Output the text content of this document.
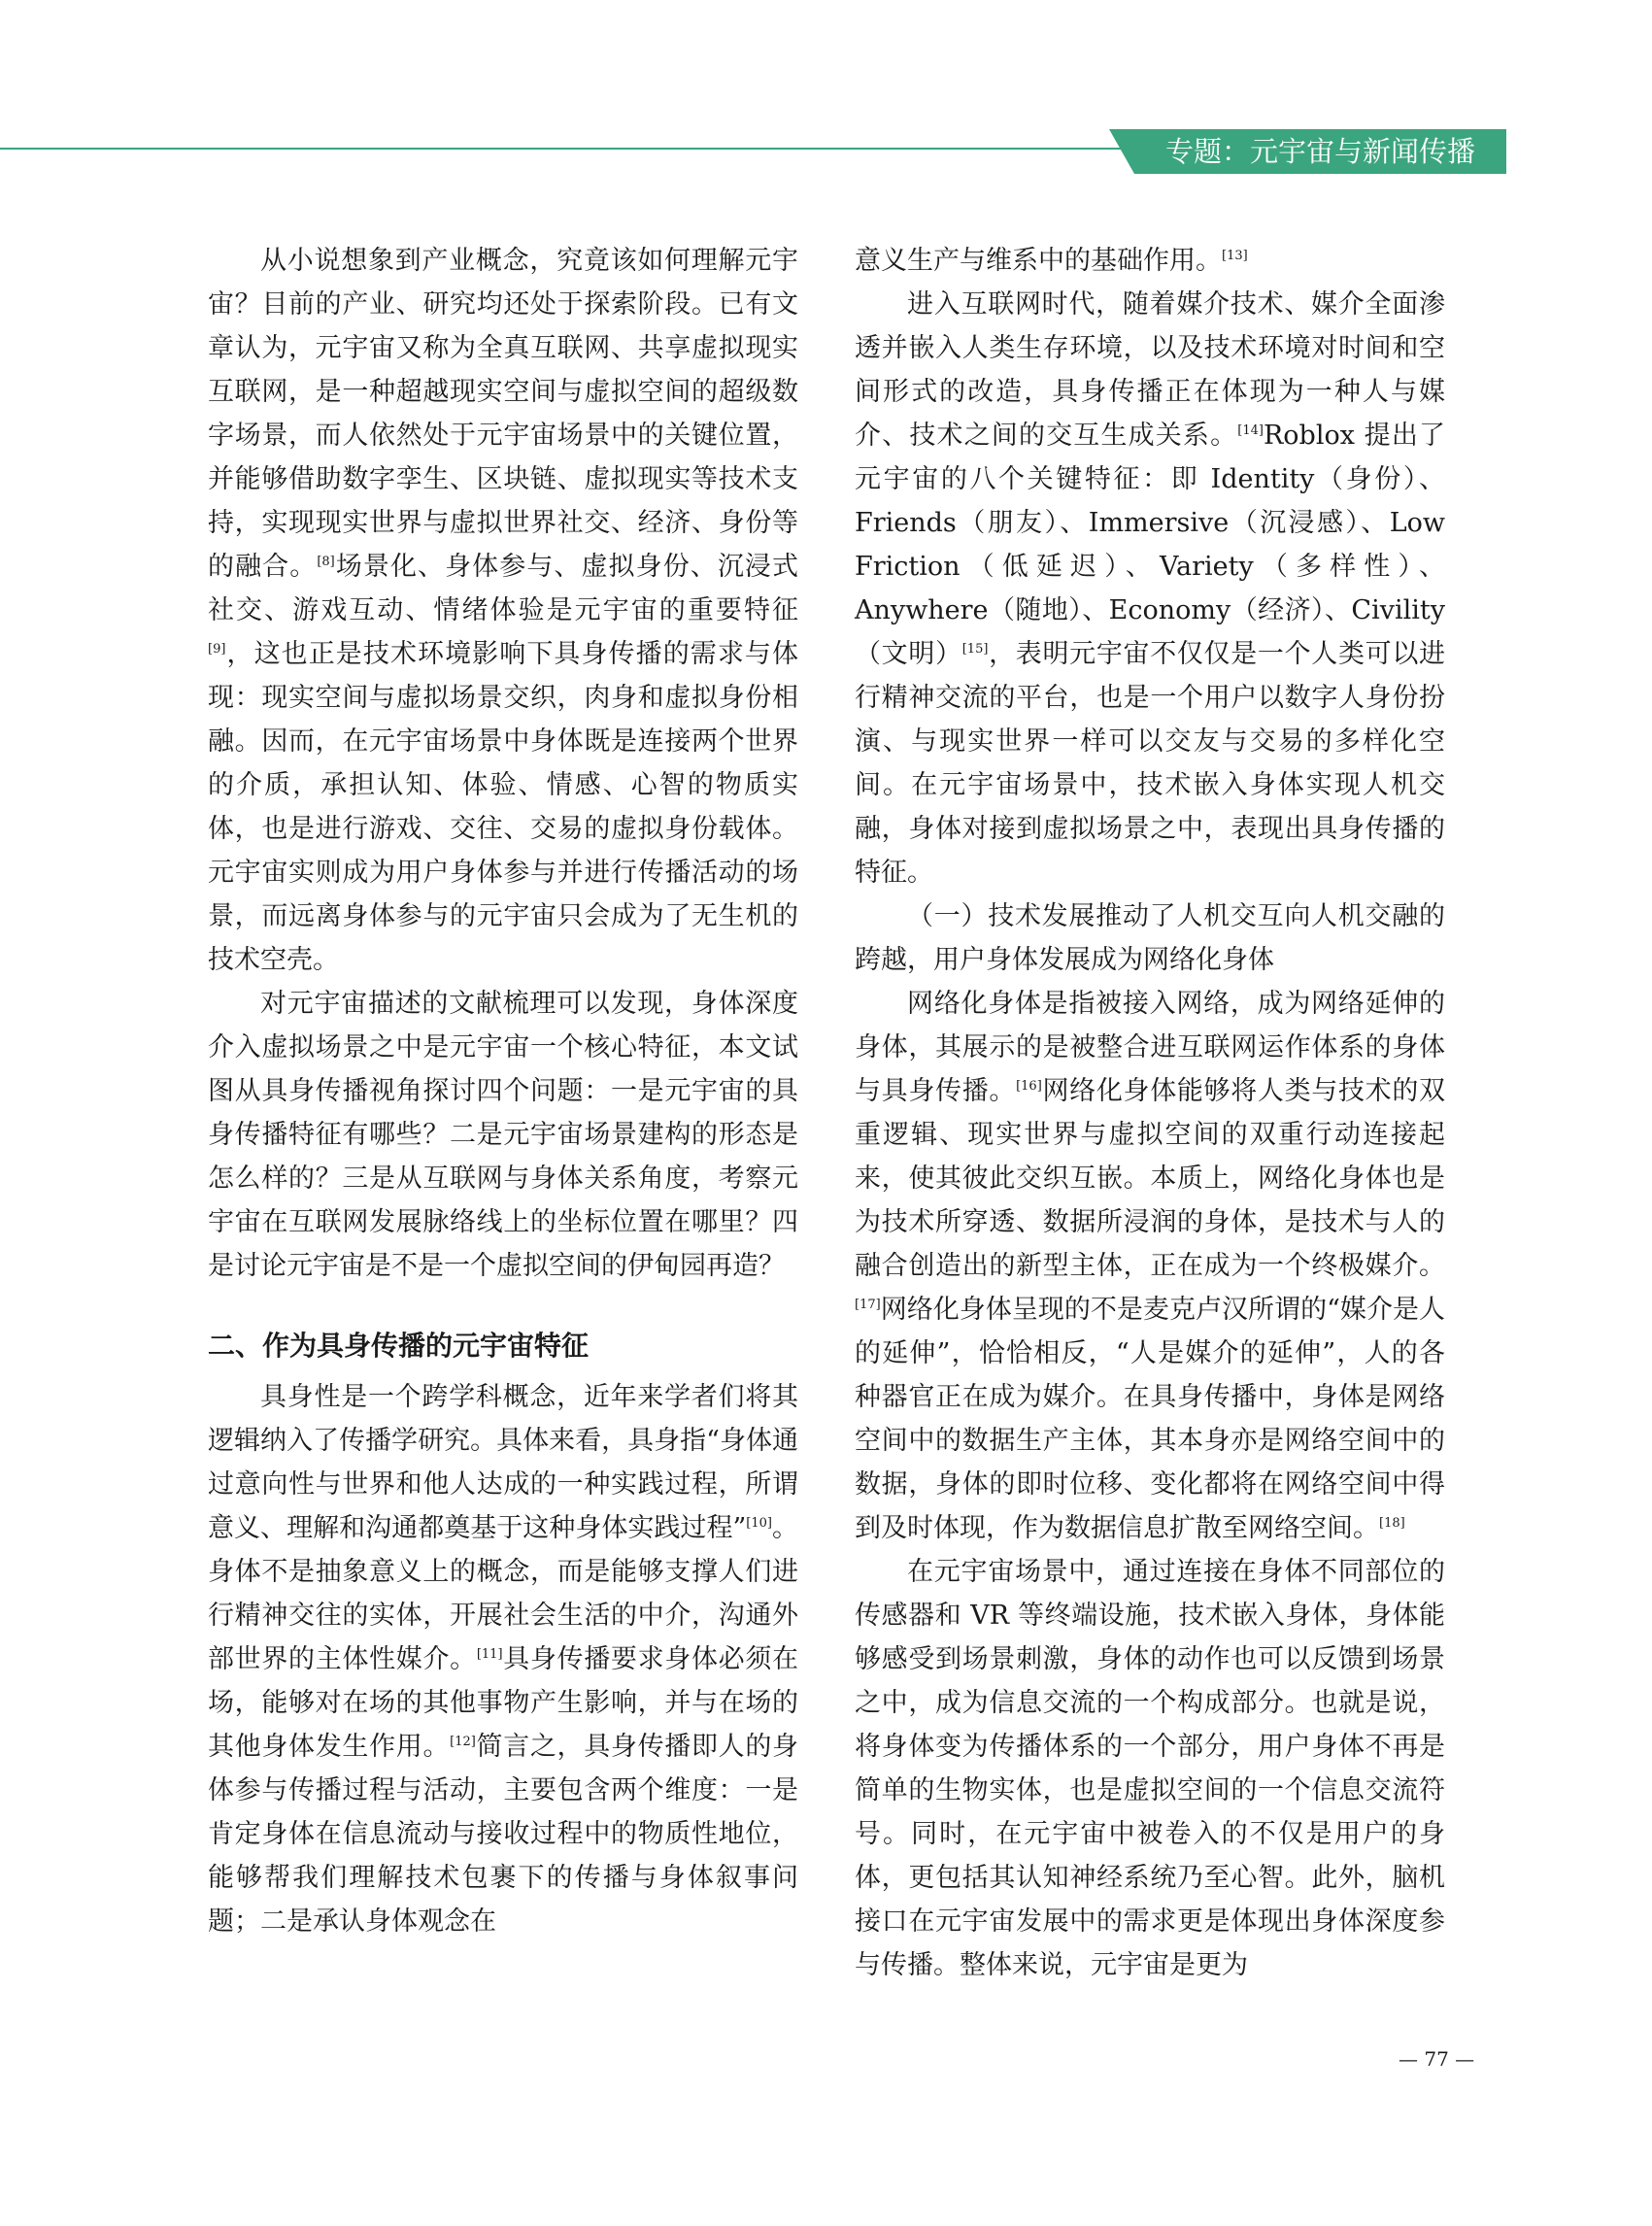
专题：元宇宙与新闻传播

从小说想象到产业概念，究竟该如何理解元宇宙？目前的产业、研究均还处于探索阶段。已有文章认为，元宇宙又称为全真互联网、共享虚拟现实互联网，是一种超越现实空间与虚拟空间的超级数字场景，而人依然处于元宇宙场景中的关键位置，并能够借助数字孪生、区块链、虚拟现实等技术支持，实现现实世界与虚拟世界社交、经济、身份等的融合。[8]场景化、身体参与、虚拟身份、沉浸式社交、游戏互动、情绪体验是元宇宙的重要特征[9]，这也正是技术环境影响下具身传播的需求与体现：现实空间与虚拟场景交织，肉身和虚拟身份相融。因而，在元宇宙场景中身体既是连接两个世界的介质，承担认知、体验、情感、心智的物质实体，也是进行游戏、交往、交易的虚拟身份载体。元宇宙实则成为用户身体参与并进行传播活动的场景，而远离身体参与的元宇宙只会成为了无生机的技术空壳。

对元宇宙描述的文献梳理可以发现，身体深度介入虚拟场景之中是元宇宙一个核心特征，本文试图从具身传播视角探讨四个问题：一是元宇宙的具身传播特征有哪些？二是元宇宙场景建构的形态是怎么样的？三是从互联网与身体关系角度，考察元宇宙在互联网发展脉络线上的坐标位置在哪里？四是讨论元宇宙是不是一个虚拟空间的伊甸园再造？

二、作为具身传播的元宇宙特征

具身性是一个跨学科概念，近年来学者们将其逻辑纳入了传播学研究。具体来看，具身指“身体通过意向性与世界和他人达成的一种实践过程，所谓意义、理解和沟通都奠基于这种身体实践过程”[10]。身体不是抽象意义上的概念，而是能够支撑人们进行精神交往的实体，开展社会生活的中介，沟通外部世界的主体性媒介。[11]具身传播要求身体必须在场，能够对在场的其他事物产生影响，并与在场的其他身体发生作用。[12]简言之，具身传播即人的身体参与传播过程与活动，主要包含两个维度：一是肯定身体在信息流动与接收过程中的物质性地位，能够帮我们理解技术包裹下的传播与身体叙事问题；二是承认身体观念在

意义生产与维系中的基础作用。[13]

进入互联网时代，随着媒介技术、媒介全面渗透并嵌入人类生存环境，以及技术环境对时间和空间形式的改造，具身传播正在体现为一种人与媒介、技术之间的交互生成关系。[14]Roblox 提出了元宇宙的八个关键特征：即 Identity（身份）、Friends（朋友）、Immersive（沉浸感）、Low Friction（低延迟）、Variety（多样性）、Anywhere（随地）、Economy（经济）、Civility（文明）[15]，表明元宇宙不仅仅是一个人类可以进行精神交流的平台，也是一个用户以数字人身份扮演、与现实世界一样可以交友与交易的多样化空间。在元宇宙场景中，技术嵌入身体实现人机交融，身体对接到虚拟场景之中，表现出具身传播的特征。

（一）技术发展推动了人机交互向人机交融的跨越，用户身体发展成为网络化身体

网络化身体是指被接入网络，成为网络延伸的身体，其展示的是被整合进互联网运作体系的身体与具身传播。[16]网络化身体能够将人类与技术的双重逻辑、现实世界与虚拟空间的双重行动连接起来，使其彼此交织互嵌。本质上，网络化身体也是为技术所穿透、数据所浸润的身体，是技术与人的融合创造出的新型主体，正在成为一个终极媒介。[17]网络化身体呈现的不是麦克卢汉所谓的“媒介是人的延伸”，恰恰相反，“人是媒介的延伸”，人的各种器官正在成为媒介。在具身传播中，身体是网络空间中的数据生产主体，其本身亦是网络空间中的数据，身体的即时位移、变化都将在网络空间中得到及时体现，作为数据信息扩散至网络空间。[18]

在元宇宙场景中，通过连接在身体不同部位的传感器和 VR 等终端设施，技术嵌入身体，身体能够感受到场景刺激，身体的动作也可以反馈到场景之中，成为信息交流的一个构成部分。也就是说，将身体变为传播体系的一个部分，用户身体不再是简单的生物实体，也是虚拟空间的一个信息交流符号。同时，在元宇宙中被卷入的不仅是用户的身体，更包括其认知神经系统乃至心智。此外，脑机接口在元宇宙发展中的需求更是体现出身体深度参与传播。整体来说，元宇宙是更为

— 77 —
